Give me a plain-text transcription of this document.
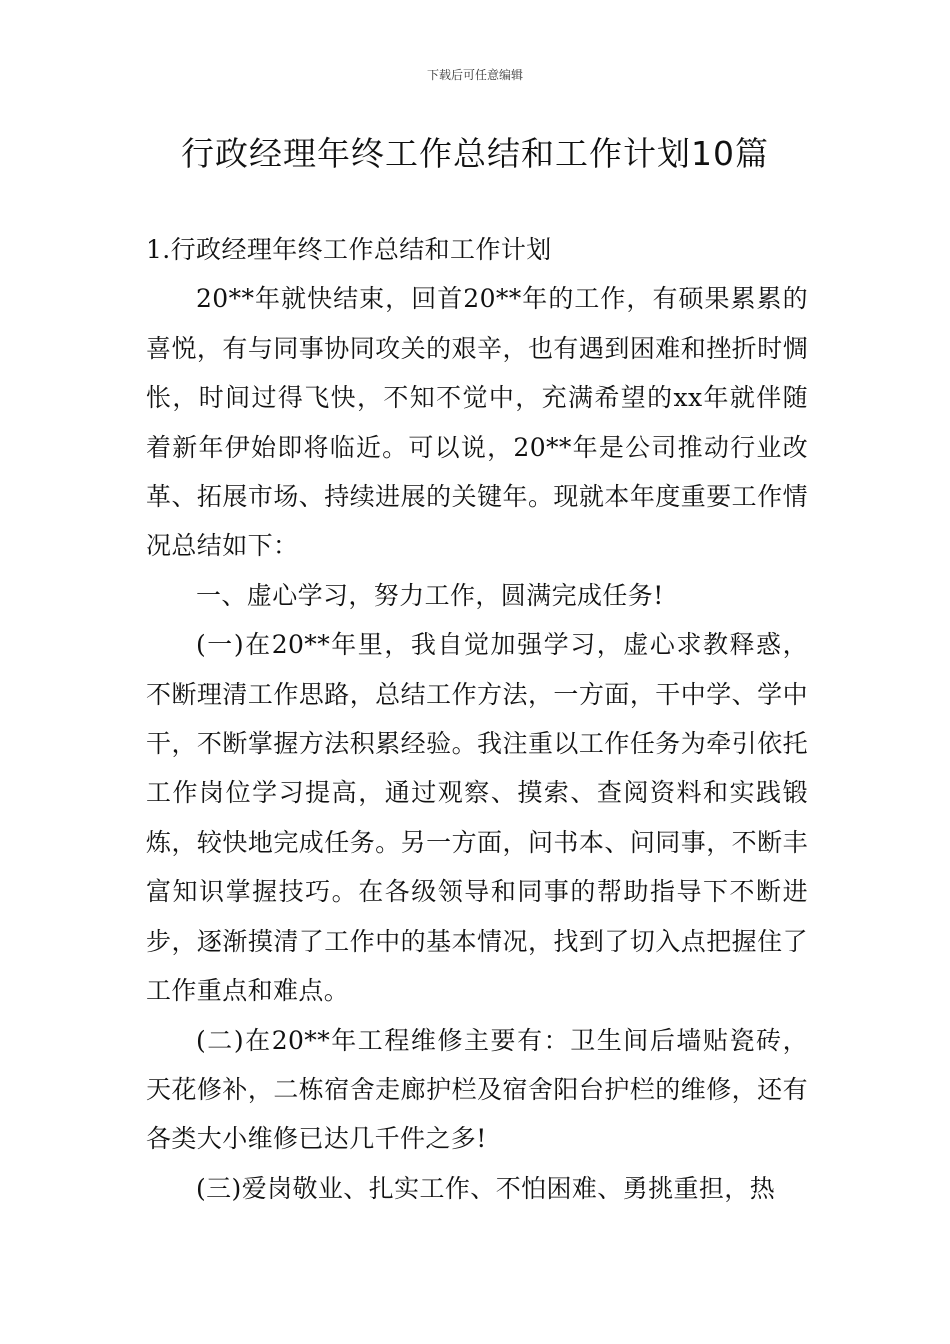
下载后可任意编辑
行政经理年终工作总结和工作计划10篇

1.行政经理年终工作总结和工作计划

20**年就快结束，回首20**年的工作，有硕果累累的喜悦，有与同事协同攻关的艰辛，也有遇到困难和挫折时惆怅，时间过得飞快，不知不觉中，充满希望的xx年就伴随着新年伊始即将临近。可以说，20**年是公司推动行业改革、拓展市场、持续进展的关键年。现就本年度重要工作情况总结如下：

一、虚心学习，努力工作，圆满完成任务!

(一)在20**年里，我自觉加强学习，虚心求教释惑，不断理清工作思路，总结工作方法，一方面，干中学、学中干，不断掌握方法积累经验。我注重以工作任务为牵引依托工作岗位学习提高，通过观察、摸索、查阅资料和实践锻炼，较快地完成任务。另一方面，问书本、问同事，不断丰富知识掌握技巧。在各级领导和同事的帮助指导下不断进步，逐渐摸清了工作中的基本情况，找到了切入点把握住了工作重点和难点。

(二)在20**年工程维修主要有：卫生间后墙贴瓷砖，天花修补，二栋宿舍走廊护栏及宿舍阳台护栏的维修，还有各类大小维修已达几千件之多!

(三)爱岗敬业、扎实工作、不怕困难、勇挑重担，热
